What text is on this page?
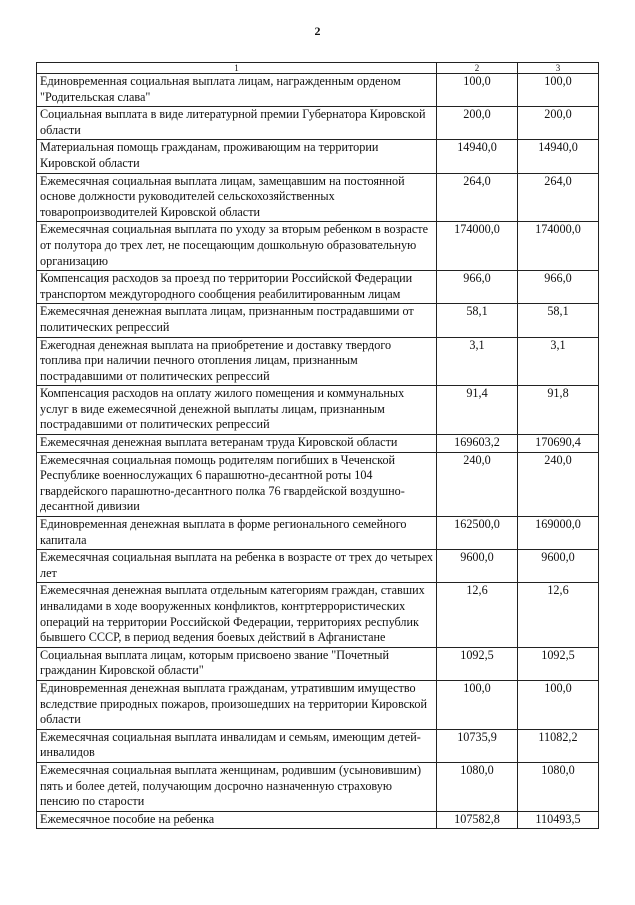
2
1	2	3
Единовременная социальная выплата лицам, награжденным орденом "Родительская слава"	100,0	100,0
Социальная выплата в виде литературной премии Губернатора Кировской области	200,0	200,0
Материальная помощь гражданам, проживающим на территории Кировской области	14940,0	14940,0
Ежемесячная социальная выплата лицам, замещавшим на постоянной основе должности руководителей сельскохозяйственных товаропроизводителей Кировской области	264,0	264,0
Ежемесячная социальная выплата по уходу за вторым ребенком в возрасте от полутора до трех лет, не посещающим дошкольную образовательную организацию	174000,0	174000,0
Компенсация расходов за проезд по территории Российской Федерации транспортом междугородного сообщения реабилитированным лицам	966,0	966,0
Ежемесячная денежная выплата лицам, признанным пострадавшими от политических репрессий	58,1	58,1
Ежегодная денежная выплата на приобретение и доставку твердого топлива при наличии печного отопления лицам, признанным пострадавшими от политических репрессий	3,1	3,1
Компенсация расходов на оплату жилого помещения и коммунальных услуг в виде ежемесячной денежной выплаты лицам, признанным пострадавшими от политических репрессий	91,4	91,8
Ежемесячная денежная выплата ветеранам труда Кировской области	169603,2	170690,4
Ежемесячная социальная помощь родителям погибших в Чеченской Республике военнослужащих 6 парашютно-десантной роты 104 гвардейского парашютно-десантного полка 76 гвардейской воздушно-десантной дивизии	240,0	240,0
Единовременная денежная выплата в форме регионального семейного капитала	162500,0	169000,0
Ежемесячная социальная выплата на ребенка в возрасте от трех до четырех лет	9600,0	9600,0
Ежемесячная денежная выплата отдельным категориям граждан, ставших инвалидами в ходе вооруженных конфликтов, контртеррористических операций на территории Российской Федерации, территориях республик бывшего СССР, в период ведения боевых действий в Афганистане	12,6	12,6
Социальная выплата лицам, которым присвоено звание "Почетный гражданин Кировской области"	1092,5	1092,5
Единовременная денежная выплата гражданам, утратившим имущество вследствие природных пожаров, произошедших на территории Кировской области	100,0	100,0
Ежемесячная социальная выплата инвалидам и семьям, имеющим детей-инвалидов	10735,9	11082,2
Ежемесячная социальная выплата женщинам, родившим (усыновившим) пять и более детей, получающим досрочно назначенную страховую пенсию по старости	1080,0	1080,0
Ежемесячное пособие на ребенка	107582,8	110493,5
